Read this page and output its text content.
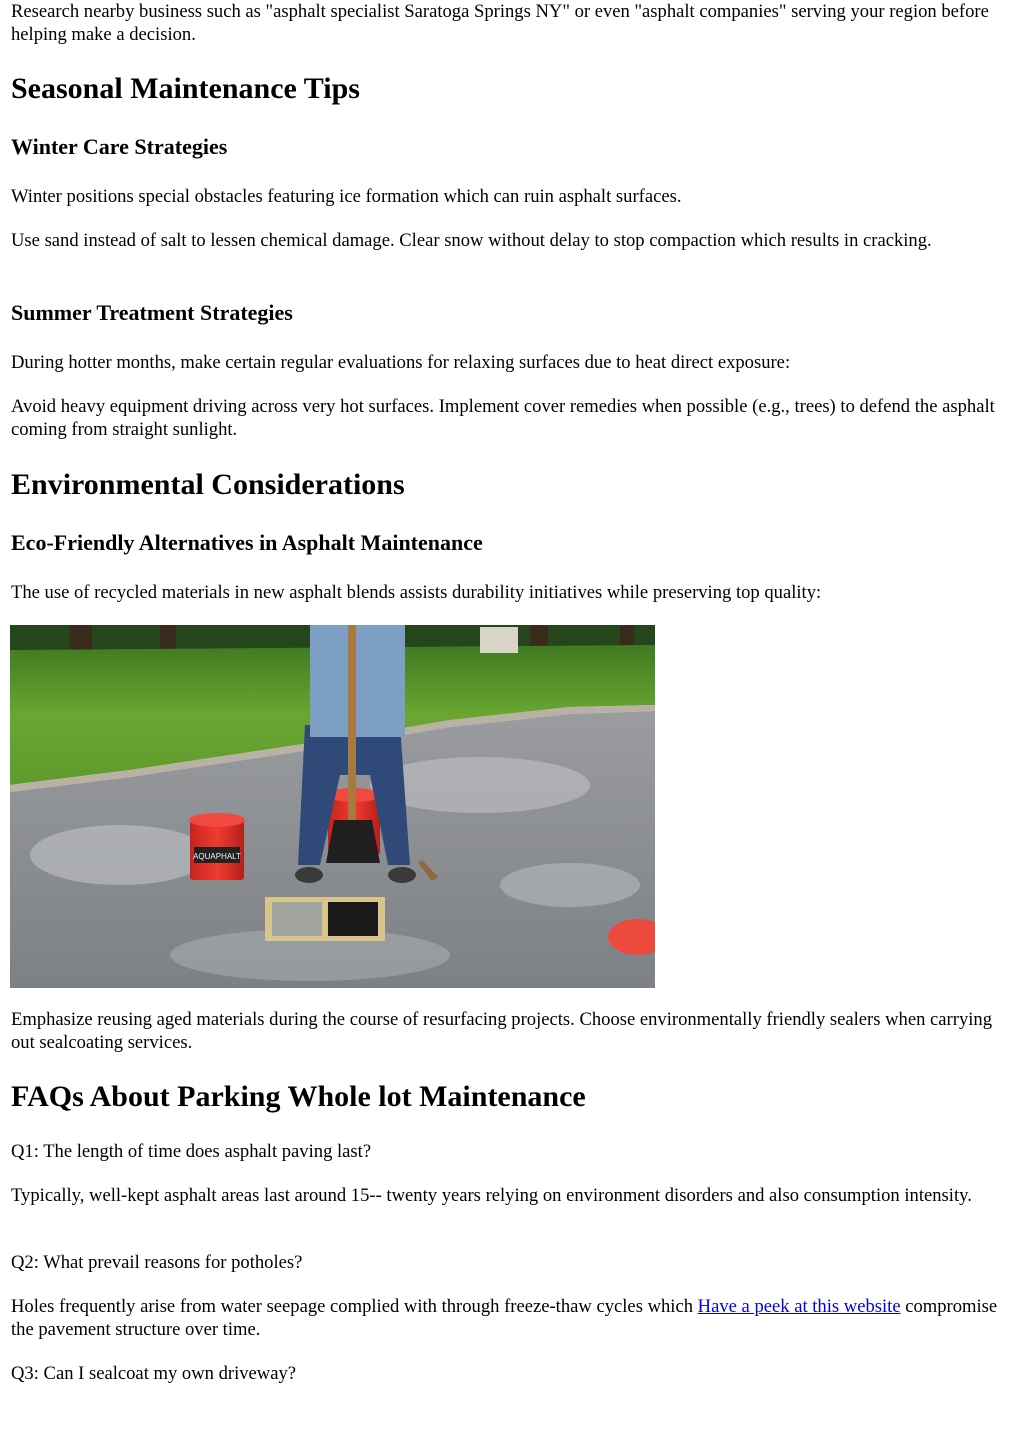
Research nearby business such as "asphalt specialist Saratoga Springs NY" or even "asphalt companies" serving your region before helping make a decision.

Seasonal Maintenance Tips
Winter Care Strategies

Winter positions special obstacles featuring ice formation which can ruin asphalt surfaces.

Use sand instead of salt to lessen chemical damage. Clear snow without delay to stop compaction which results in cracking.

Summer Treatment Strategies

During hotter months, make certain regular evaluations for relaxing surfaces due to heat direct exposure:

Avoid heavy equipment driving across very hot surfaces. Implement cover remedies when possible (e.g., trees) to defend the asphalt coming from straight sunlight.

Environmental Considerations
Eco-Friendly Alternatives in Asphalt Maintenance

The use of recycled materials in new asphalt blends assists durability initiatives while preserving top quality:

AQUAPHALT

Emphasize reusing aged materials during the course of resurfacing projects. Choose environmentally friendly sealers when carrying out sealcoating services.

FAQs About Parking Whole lot Maintenance

Q1: The length of time does asphalt paving last?

Typically, well-kept asphalt areas last around 15-- twenty years relying on environment disorders and also consumption intensity.

Q2: What prevail reasons for potholes?

Holes frequently arise from water seepage complied with through freeze-thaw cycles which Have a peek at this website compromise the pavement structure over time.

Q3: Can I sealcoat my own driveway?
